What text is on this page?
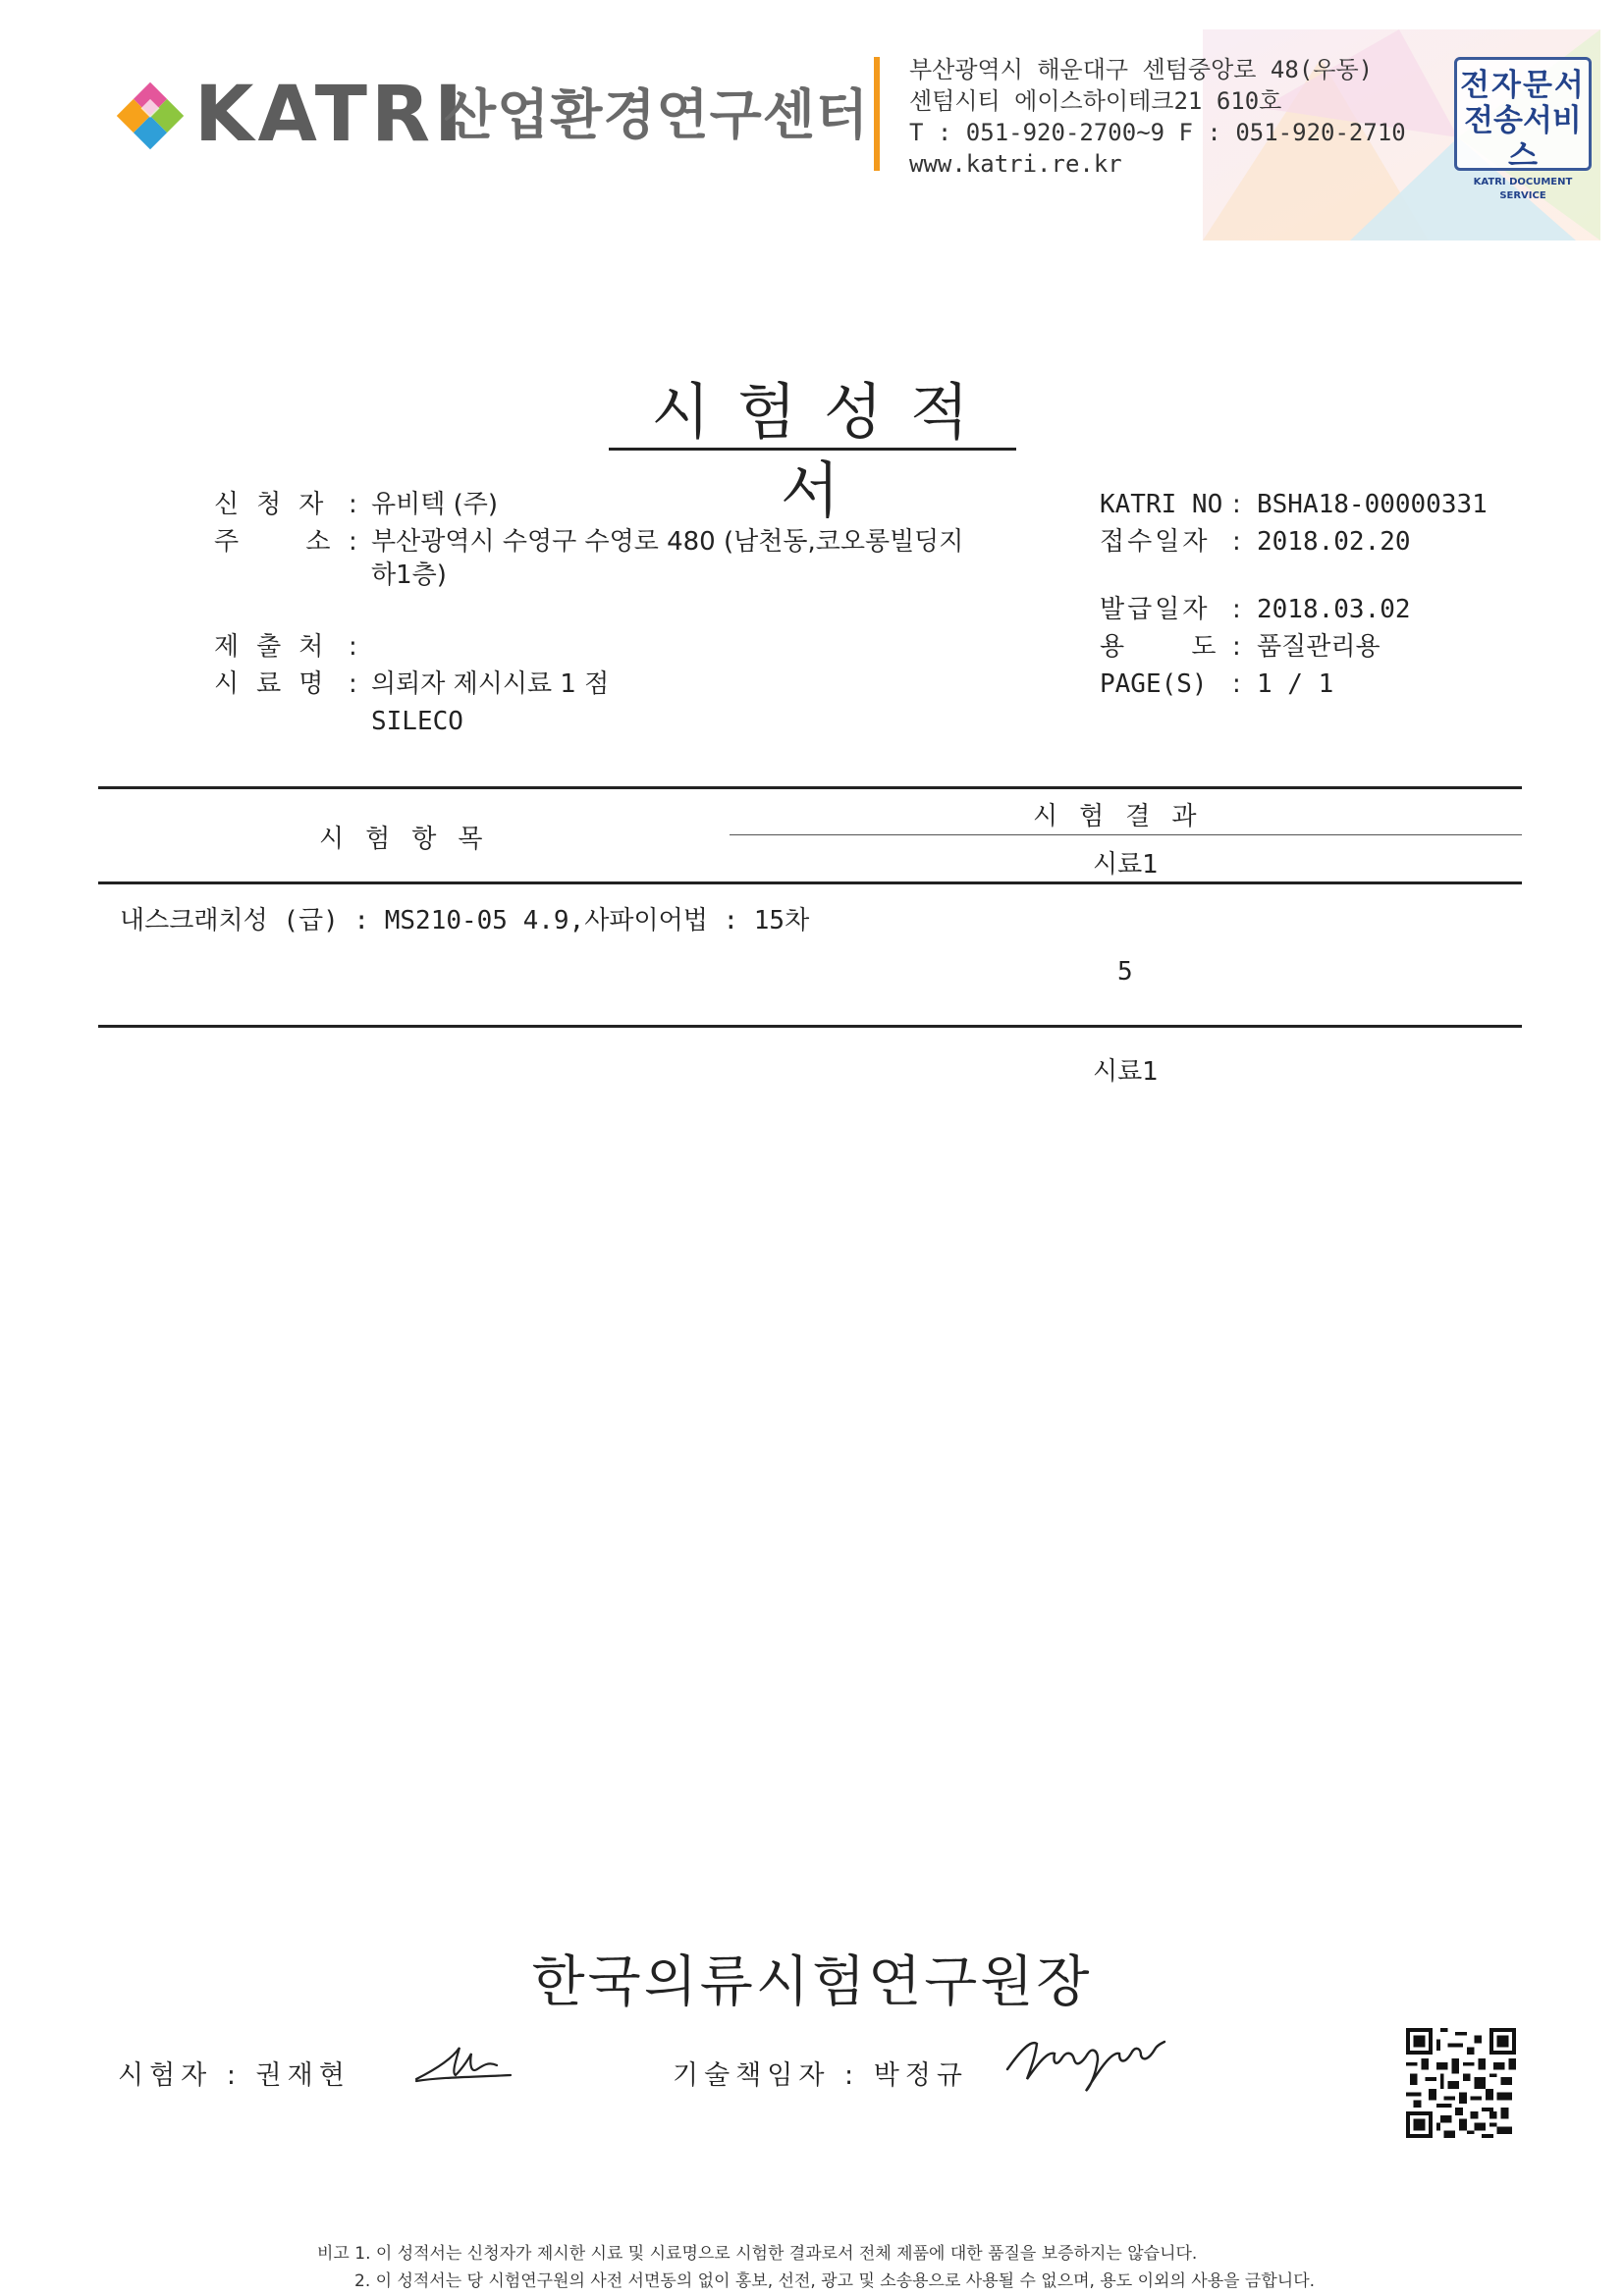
KATRI
산업환경연구센터
부산광역시 해운대구 센텀중앙로 48(우동)
센텀시티 에이스하이테크21 610호
T : 051-920-2700~9 F : 051-920-2710
www.katri.re.kr
전자문서
전송서비스
KATRI DOCUMENT SERVICE
시험성적서
신청자 : 유비텍 (주)
주 소 : 부산광역시 수영구 수영로 480 (남천동,코오롱빌딩지
하1층)
제출처 :
시료명 : 의뢰자 제시시료 1 점
SILECO
KATRI NO : BSHA18-00000331
접수일자 : 2018.02.20
발급일자 : 2018.03.02
용 도 : 품질관리용
PAGE(S) : 1 / 1
시험항목
시험결과
시료1
내스크래치성 (급) : MS210-05 4.9,사파이어법 : 15차
5
시료1
한국의류시험연구원장
시험자 : 권재현	기술책임자 : 박정규
비고 1. 이 성적서는 신청자가 제시한 시료 및 시료명으로 시험한 결과로서 전체 제품에 대한 품질을 보증하지는 않습니다.
2. 이 성적서는 당 시험연구원의 사전 서면동의 없이 홍보, 선전, 광고 및 소송용으로 사용될 수 없으며, 용도 이외의 사용을 금합니다.
